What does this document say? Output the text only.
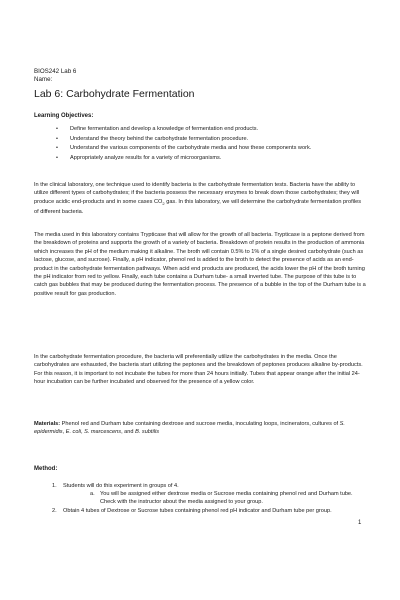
BIOS242 Lab 6
Name:
Lab 6: Carbohydrate Fermentation
Learning Objectives:
• Define fermentation and develop a knowledge of fermentation end products.
• Understand the theory behind the carbohydrate fermentation procedure.
• Understand the various components of the carbohydrate media and how these components work.
• Appropriately analyze results for a variety of microorganisms.

In the clinical laboratory, one technique used to identify bacteria is the carbohydrate fermentation tests. Bacteria have the ability to utilize different types of carbohydrates; if the bacteria possess the necessary enzymes to break down those carbohydrates; they will produce acidic end-products and in some cases $CO_2$ gas. In this laboratory, we will determine the carbohydrate fermentation profiles of different bacteria.

The media used in this laboratory contains Trypticase that will allow for the growth of all bacteria. Trypticase is a peptone derived from the breakdown of proteins and supports the growth of a variety of bacteria. Breakdown of protein results in the production of ammonia which increases the pH of the medium making it alkaline. The broth will contain 0.5% to 1% of a single desired carbohydrate (such as lactose, glucose, and sucrose). Finally, a pH indicator, phenol red is added to the broth to detect the presence of acids as an end-product in the carbohydrate fermentation pathways. When acid end products are produced, the acids lower the pH of the broth turning the pH indicator from red to yellow. Finally, each tube contains a Durham tube- a small inverted tube. The purpose of this tube is to catch gas bubbles that may be produced during the fermentation process. The presence of a bubble in the top of the Durham tube is a positive result for gas production.

In the carbohydrate fermentation procedure, the bacteria will preferentially utilize the carbohydrates in the media. Once the carbohydrates are exhausted, the bacteria start utilizing the peptones and the breakdown of peptones produces alkaline by-products. For this reason, it is important to not incubate the tubes for more than 24 hours initially. Tubes that appear orange after the initial 24-hour incubation can be further incubated and observed for the presence of a yellow color.

Materials: Phenol red and Durham tube containing dextrose and sucrose media, inoculating loops, incinerators, cultures of S. epidermidis, E. coli, S. marcescens, and B. subtilis

Method:
1. Students will do this experiment in groups of 4.
a. You will be assigned either dextrose media or Sucrose media containing phenol red and Durham tube. Check with the instructor about the media assigned to your group.
2. Obtain 4 tubes of Dextrose or Sucrose tubes containing phenol red pH indicator and Durham tube per group.
1
